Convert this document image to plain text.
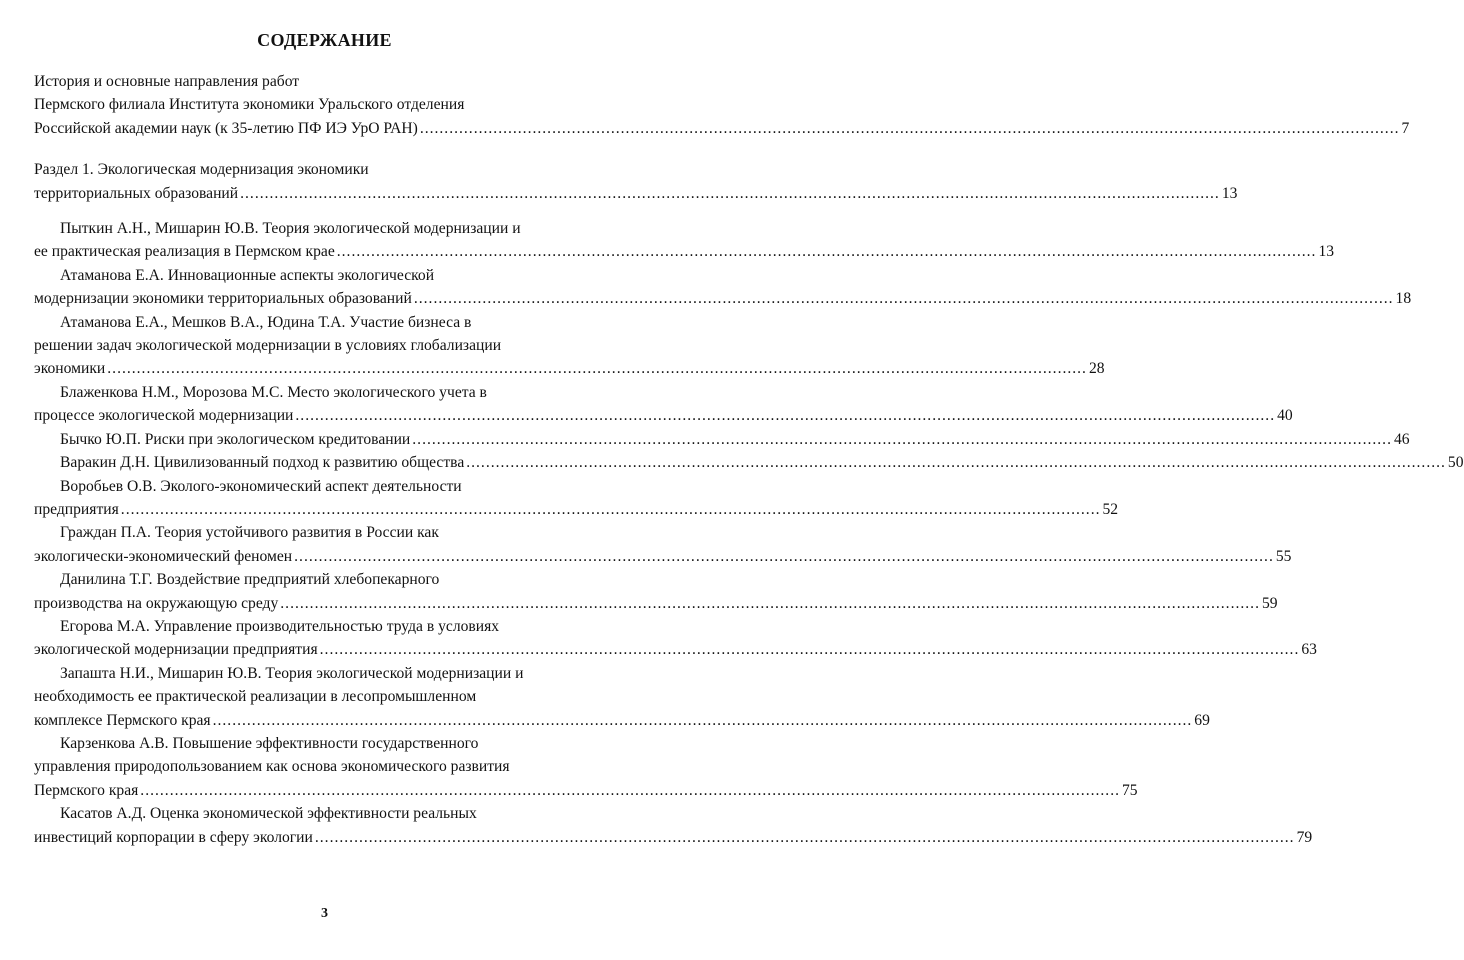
СОДЕРЖАНИЕ
История и основные направления работ
Пермского филиала Института экономики Уральского отделения
Российской академии наук (к 35-летию ПФ ИЭ УрО РАН) ........................................................................................................................................................................................................ 7
Раздел 1. Экологическая модернизация экономики
территориальных образований ........................................................................................................................................................................................................ 13
Пыткин А.Н., Мишарин Ю.В. Теория экологической модернизации и
ее практическая реализация в Пермском крае ........................................................................................................................................................................................................ 13
Атаманова Е.А. Инновационные аспекты экологической
модернизации экономики территориальных образований ........................................................................................................................................................................................................ 18
Атаманова Е.А., Мешков В.А., Юдина Т.А. Участие бизнеса в
решении задач экологической модернизации в условиях глобализации
экономики ........................................................................................................................................................................................................ 28
Блаженкова Н.М., Морозова М.С. Место экологического учета в
процессе экологической модернизации ........................................................................................................................................................................................................ 40
Бычко Ю.П. Риски при экологическом кредитовании ........................................................................................................................................................................................................ 46
Варакин Д.Н. Цивилизованный подход к развитию общества ........................................................................................................................................................................................................ 50
Воробьев О.В. Эколого-экономический аспект деятельности
предприятия ........................................................................................................................................................................................................ 52
Граждан П.А. Теория устойчивого развития в России как
экологически-экономический феномен ........................................................................................................................................................................................................ 55
Данилина Т.Г. Воздействие предприятий хлебопекарного
производства на окружающую среду ........................................................................................................................................................................................................ 59
Егорова М.А. Управление производительностью труда в условиях
экологической модернизации предприятия ........................................................................................................................................................................................................ 63
Запашта Н.И., Мишарин Ю.В. Теория экологической модернизации и
необходимость ее практической реализации в лесопромышленном
комплексе Пермского края ........................................................................................................................................................................................................ 69
Карзенкова А.В. Повышение эффективности государственного
управления природопользованием как основа экономического развития
Пермского края ........................................................................................................................................................................................................ 75
Касатов А.Д. Оценка экономической эффективности реальных
инвестиций корпорации в сферу экологии ........................................................................................................................................................................................................ 79
3
